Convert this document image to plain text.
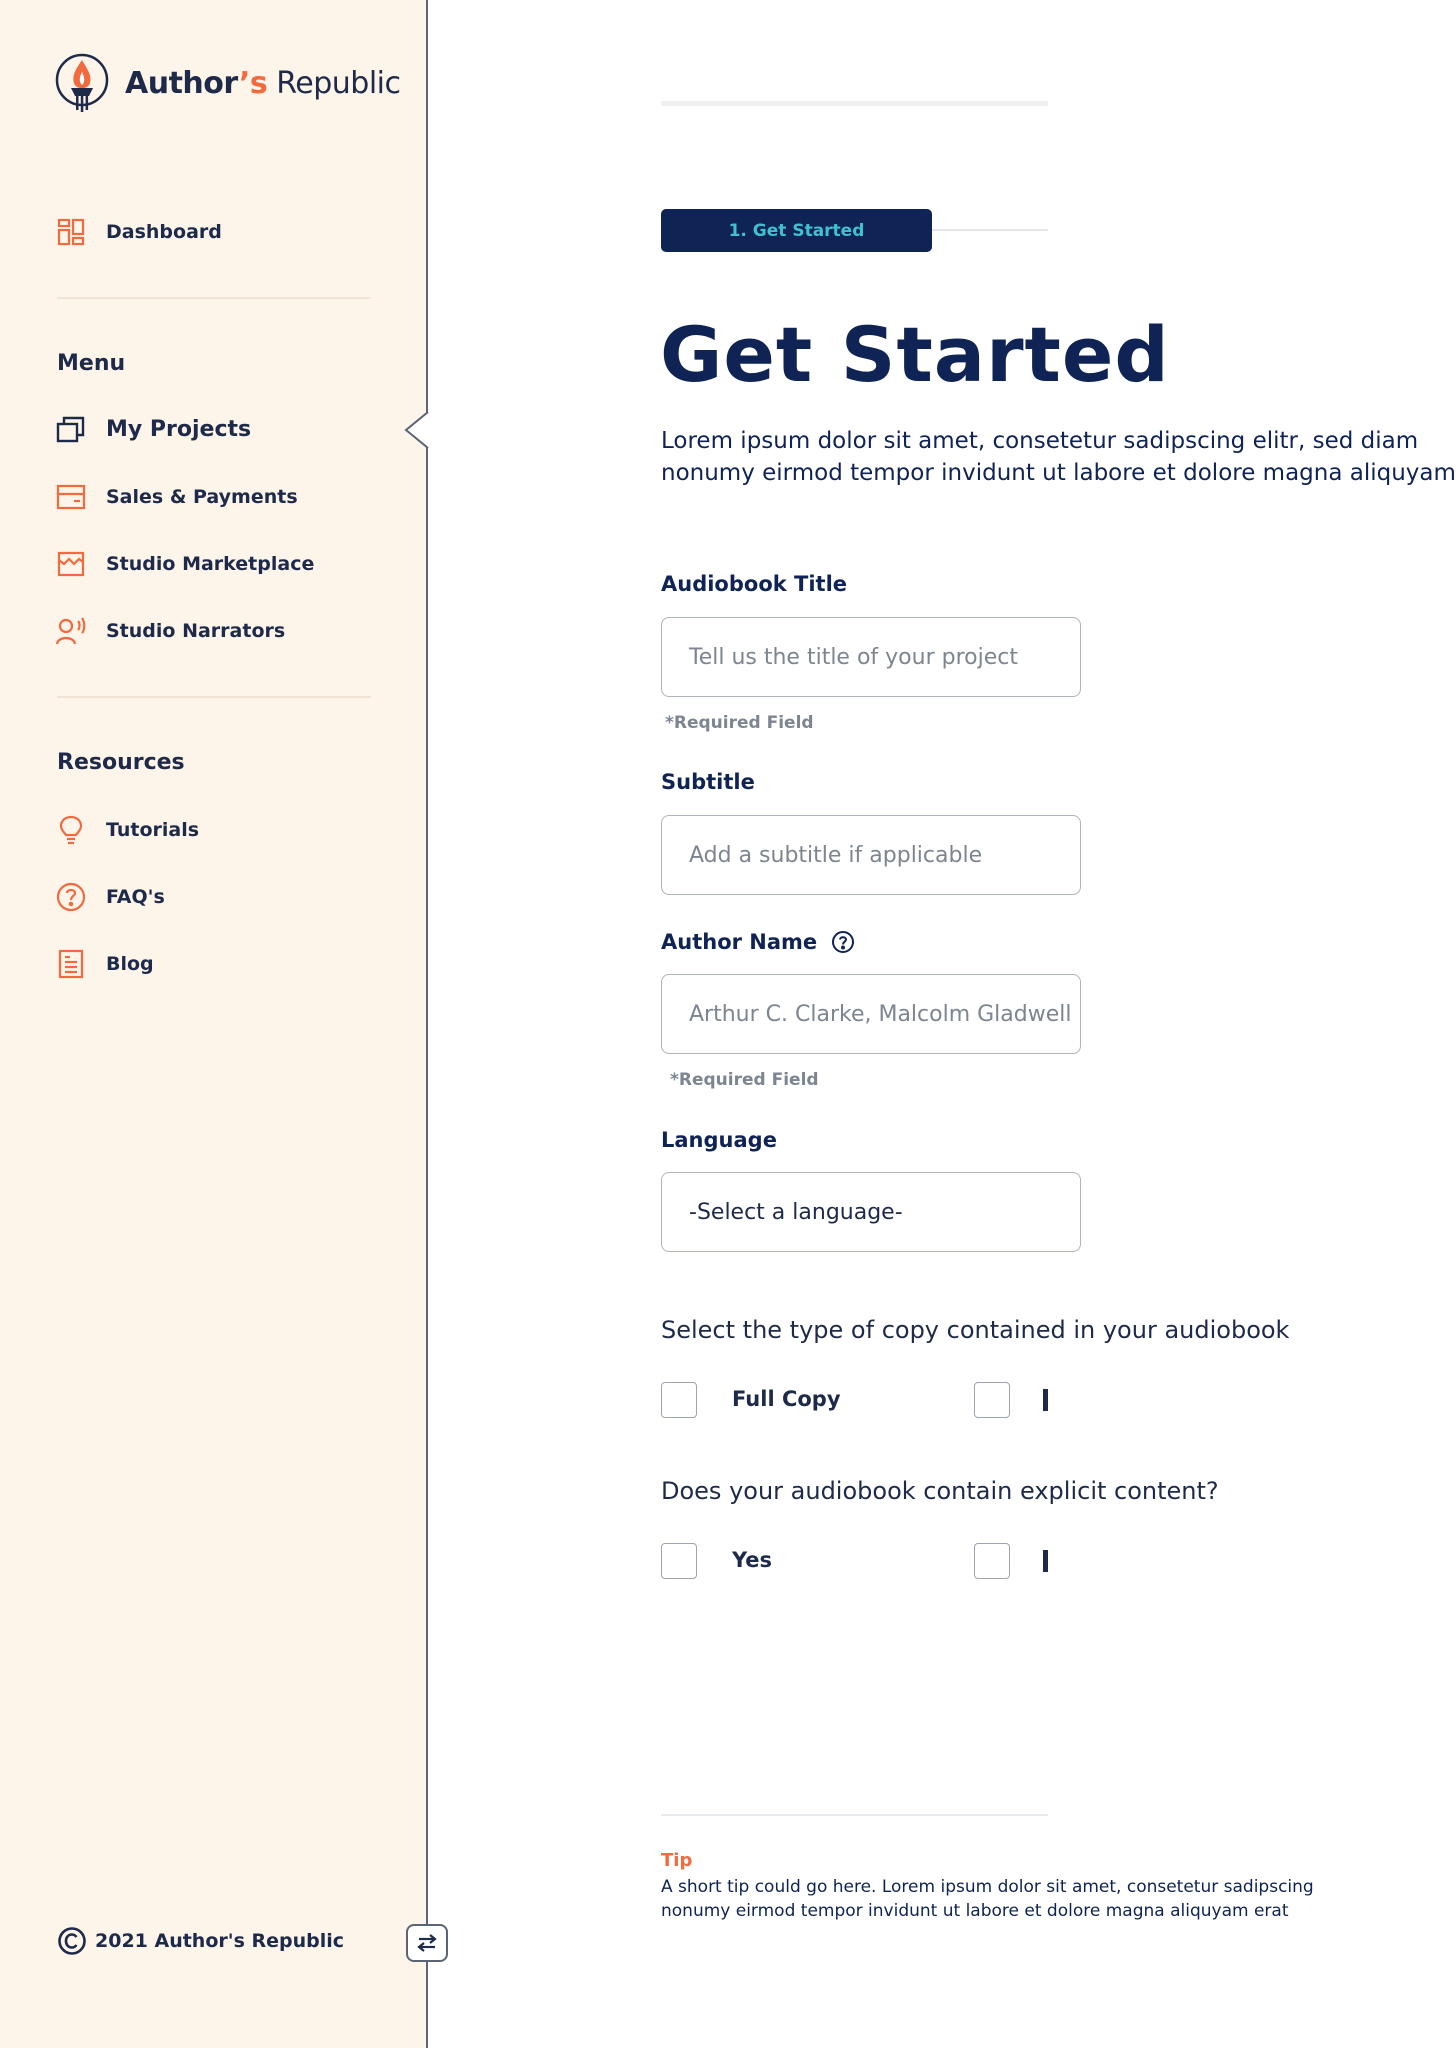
Author’s Republic
Dashboard
Menu
My Projects
Sales & Payments
Studio Marketplace
Studio Narrators
Resources
Tutorials
FAQ's
Blog
2021 Author's Republic
1. Get Started
Get Started
Lorem ipsum dolor sit amet, consetetur sadipscing elitr, sed diam
nonumy eirmod tempor invidunt ut labore et dolore magna aliquyam
Audiobook Title
Tell us the title of your project
*Required Field
Subtitle
Add a subtitle if applicable
Author Name
Arthur C. Clarke, Malcolm Gladwell
*Required Field
Language
-Select a language-
Select the type of copy contained in your audiobook
Full Copy
Does your audiobook contain explicit content?
Yes
Tip
A short tip could go here. Lorem ipsum dolor sit amet, consetetur sadipscing
nonumy eirmod tempor invidunt ut labore et dolore magna aliquyam erat
